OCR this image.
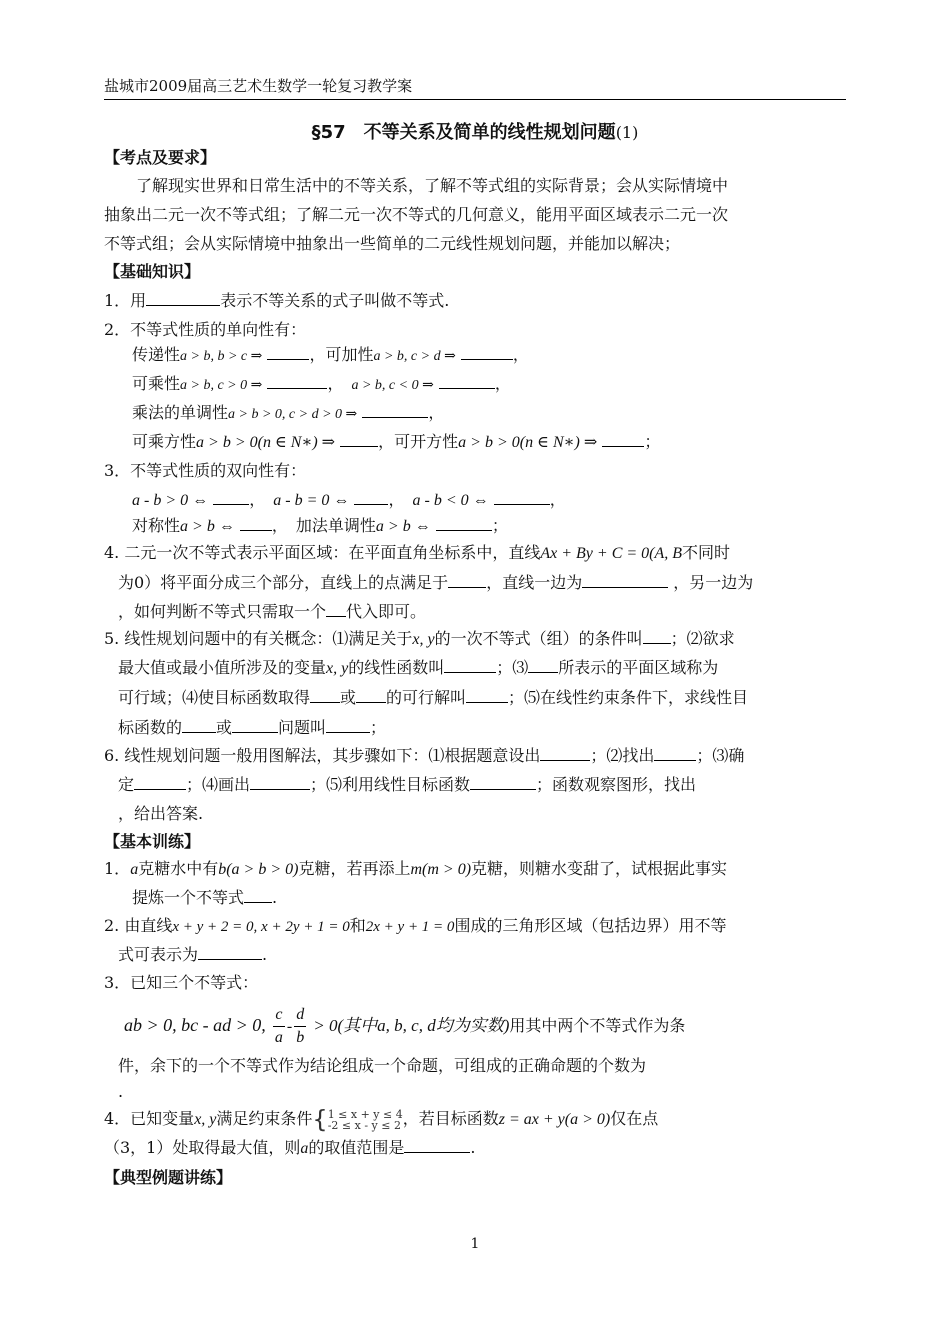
盐城市2009届高三艺术生数学一轮复习教学案
§57　不等关系及简单的线性规划问题(1)
【考点及要求】
　　了解现实世界和日常生活中的不等关系，了解不等式组的实际背景；会从实际情境中
抽象出二元一次不等式组；了解二元一次不等式的几何意义，能用平面区域表示二元一次
不等式组；会从实际情境中抽象出一些简单的二元线性规划问题，并能加以解决；
【基础知识】
1．用	表示不等关系的式子叫做不等式.
2．不等式性质的单向性有：
传递性a > b, b > c ⇒	，可加性a > b, c > d ⇒	，
可乘性a > b, c > 0 ⇒	，　 a > b, c < 0 ⇒	，
乘法的单调性a > b > 0, c > d > 0 ⇒	，
可乘方性a > b > 0(n ∈ N∗) ⇒	，可开方性a > b > 0(n ∈ N∗) ⇒	；
3．不等式性质的双向性有：
a - b > 0 ⇔	，　 a - b = 0 ⇔ ，　 a - b < 0 ⇔	，
对称性a > b ⇔ ，　加法单调性a > b ⇔	；
4. 二元一次不等式表示平面区域：在平面直角坐标系中，直线Ax + By + C = 0(A, B不同时
为0）将平面分成三个部分，直线上的点满足于 ，直线一边为	，另一边为
，如何判断不等式只需取一个 代入即可。
5. 线性规划问题中的有关概念：⑴满足关于x, y的一次不等式（组）的条件叫 ；⑵欲求
最大值或最小值所涉及的变量x, y的线性函数叫	；⑶ 所表示的平面区域称为
可行域；⑷使目标函数取得 或 的可行解叫	；⑸在线性约束条件下，求线性目
标函数的 或	问题叫	；
6. 线性规划问题一般用图解法，其步骤如下：⑴根据题意设出	；⑵找出	；⑶确
定	；⑷画出	；⑸利用线性目标函数	；函数观察图形，找出
，给出答案.
【基本训练】
1．a克糖水中有b(a > b > 0)克糖，若再添上m(m > 0)克糖，则糖水变甜了，试根据此事实
提炼一个不等式 .
2. 由直线x + y + 2 = 0, x + 2y + 1 = 0和2x + y + 1 = 0围成的三角形区域（包括边界）用不等
式可表示为	.
3．已知三个不等式：
ab > 0, bc - ad > 0, $\frac{c}{a} - \frac{d}{b} > 0$(其中a, b, c, d均为实数)用其中两个不等式作为条
件，余下的一个不等式作为结论组成一个命题，可组成的正确命题的个数为
.
4．已知变量x, y满足约束条件{ 1 ≤ x + y ≤ 4
-2 ≤ x - y ≤ 2 ，若目标函数z = ax + y(a > 0)仅在点
（3，1）处取得最大值，则a的取值范围是	.
【典型例题讲练】
1
